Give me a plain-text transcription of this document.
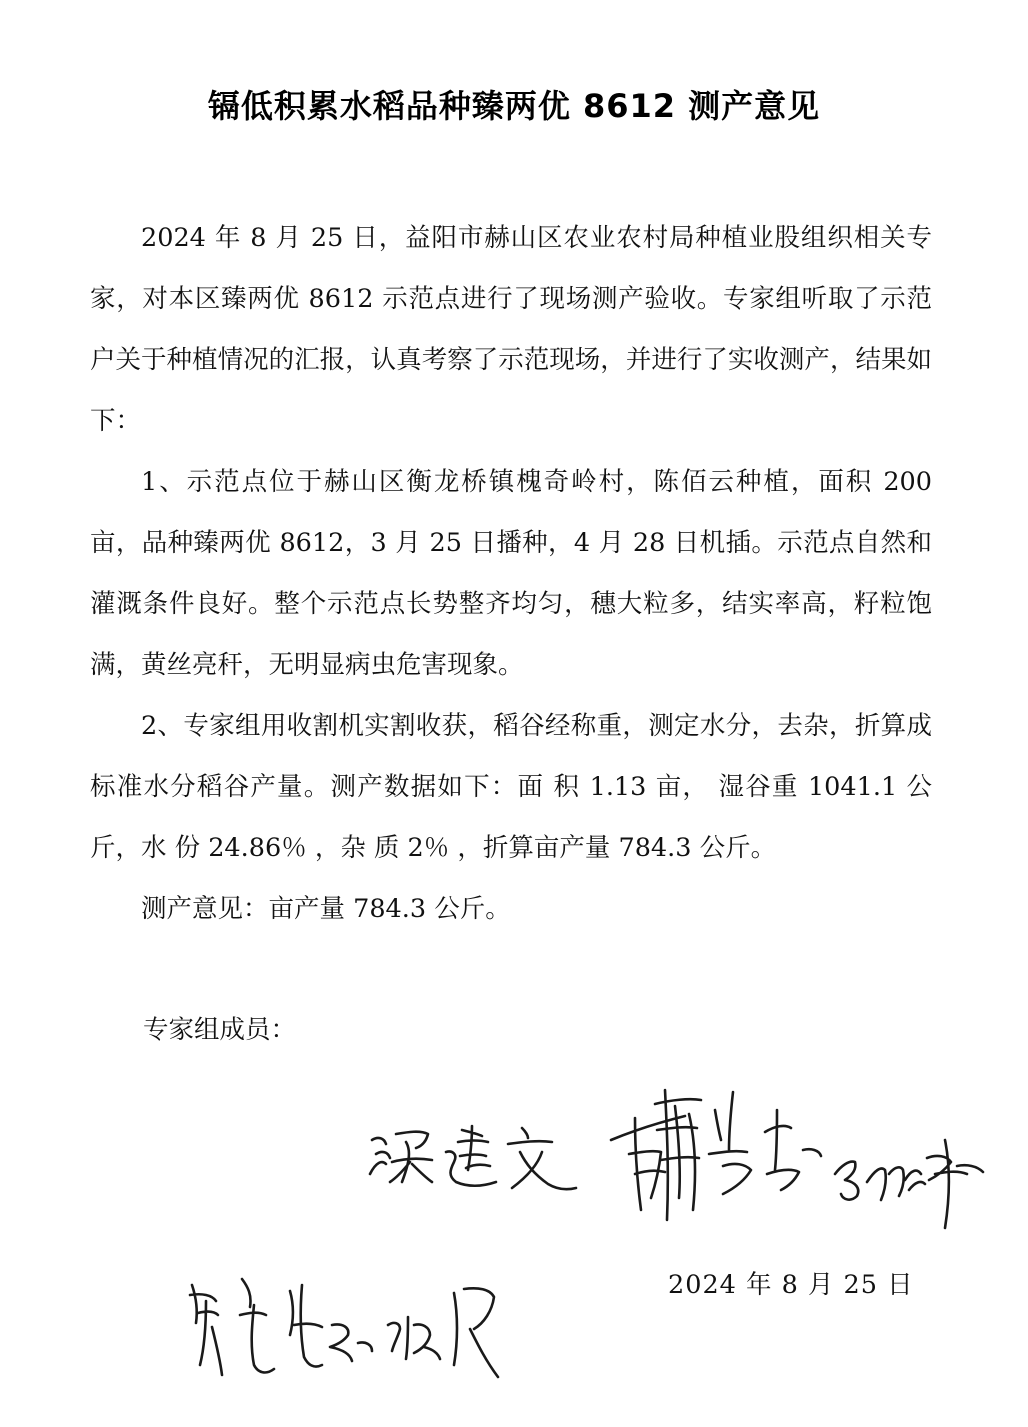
镉低积累水稻品种臻两优 8612 测产意见

2024 年 8 月 25 日，益阳市赫山区农业农村局种植业股组织相关专家，对本区臻两优 8612 示范点进行了现场测产验收。专家组听取了示范户关于种植情况的汇报，认真考察了示范现场，并进行了实收测产，结果如下：

1、示范点位于赫山区衡龙桥镇槐奇岭村，陈佰云种植，面积 200 亩，品种臻两优 8612，3 月 25 日播种，4 月 28 日机插。示范点自然和灌溉条件良好。整个示范点长势整齐均匀，穗大粒多，结实率高，籽粒饱满，黄丝亮秆，无明显病虫危害现象。

2、专家组用收割机实割收获，稻谷经称重，测定水分，去杂，折算成标准水分稻谷产量。测产数据如下：面 积 1.13 亩， 湿谷重 1041.1 公斤，水 份 24.86％ ，杂 质 2％ ，折算亩产量 784.3 公斤。

测产意见：亩产量 784.3 公斤。

专家组成员：
2024 年 8 月 25 日
